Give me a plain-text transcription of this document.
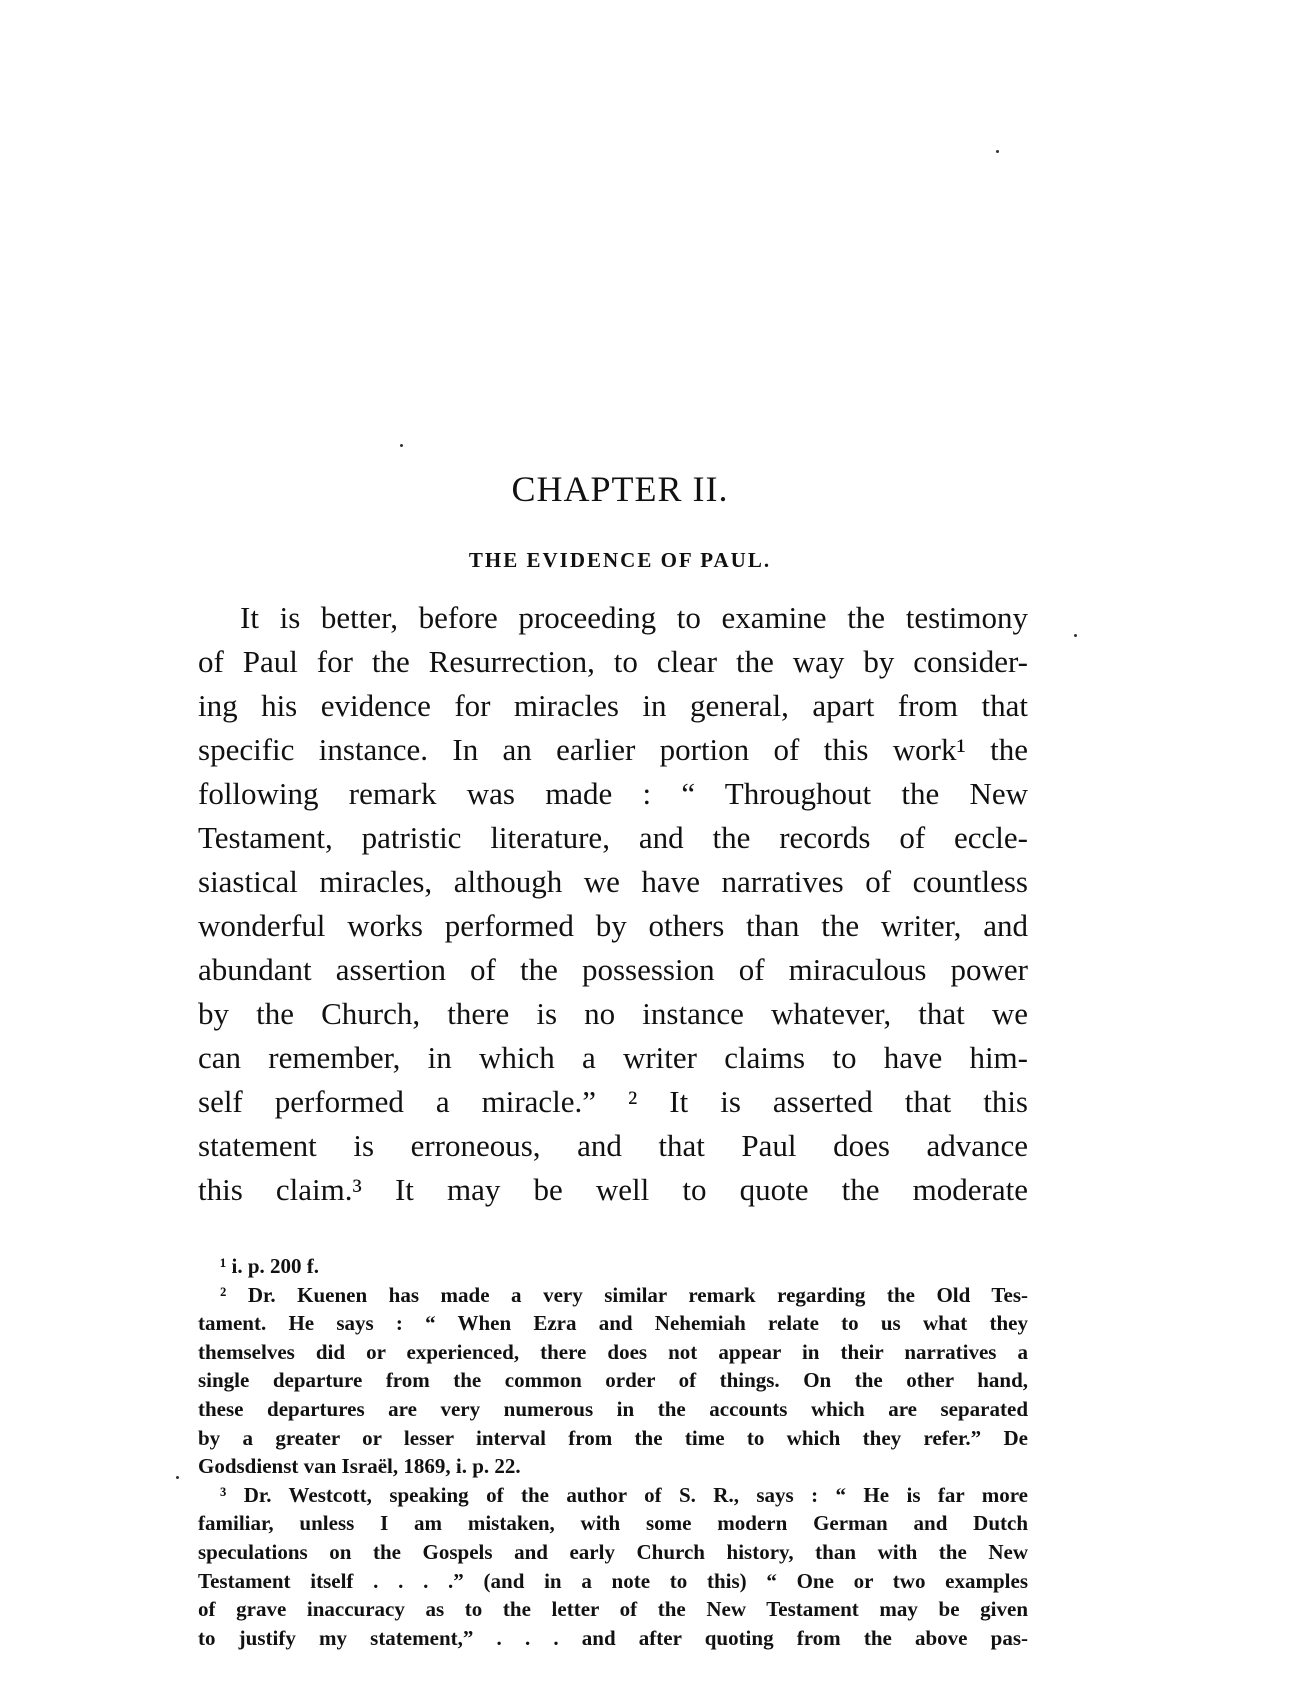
CHAPTER II.
THE EVIDENCE OF PAUL.
It is better, before proceeding to examine the testimony
of Paul for the Resurrection, to clear the way by consider-
ing his evidence for miracles in general, apart from that
specific instance. In an earlier portion of this work¹ the
following remark was made : “ Throughout the New
Testament, patristic literature, and the records of eccle-
siastical miracles, although we have narratives of countless
wonderful works performed by others than the writer, and
abundant assertion of the possession of miraculous power
by the Church, there is no instance whatever, that we
can remember, in which a writer claims to have him-
self performed a miracle.” ² It is asserted that this
statement is erroneous, and that Paul does advance
this claim.³ It may be well to quote the moderate
¹ i. p. 200 f.
² Dr. Kuenen has made a very similar remark regarding the Old Tes-
tament. He says : “ When Ezra and Nehemiah relate to us what they
themselves did or experienced, there does not appear in their narratives a
single departure from the common order of things. On the other hand,
these departures are very numerous in the accounts which are separated
by a greater or lesser interval from the time to which they refer.” De
Godsdienst van Israël, 1869, i. p. 22.
³ Dr. Westcott, speaking of the author of S. R., says : “ He is far more
familiar, unless I am mistaken, with some modern German and Dutch
speculations on the Gospels and early Church history, than with the New
Testament itself . . . .” (and in a note to this) “ One or two examples
of grave inaccuracy as to the letter of the New Testament may be given
to justify my statement,” . . . and after quoting from the above pas-
